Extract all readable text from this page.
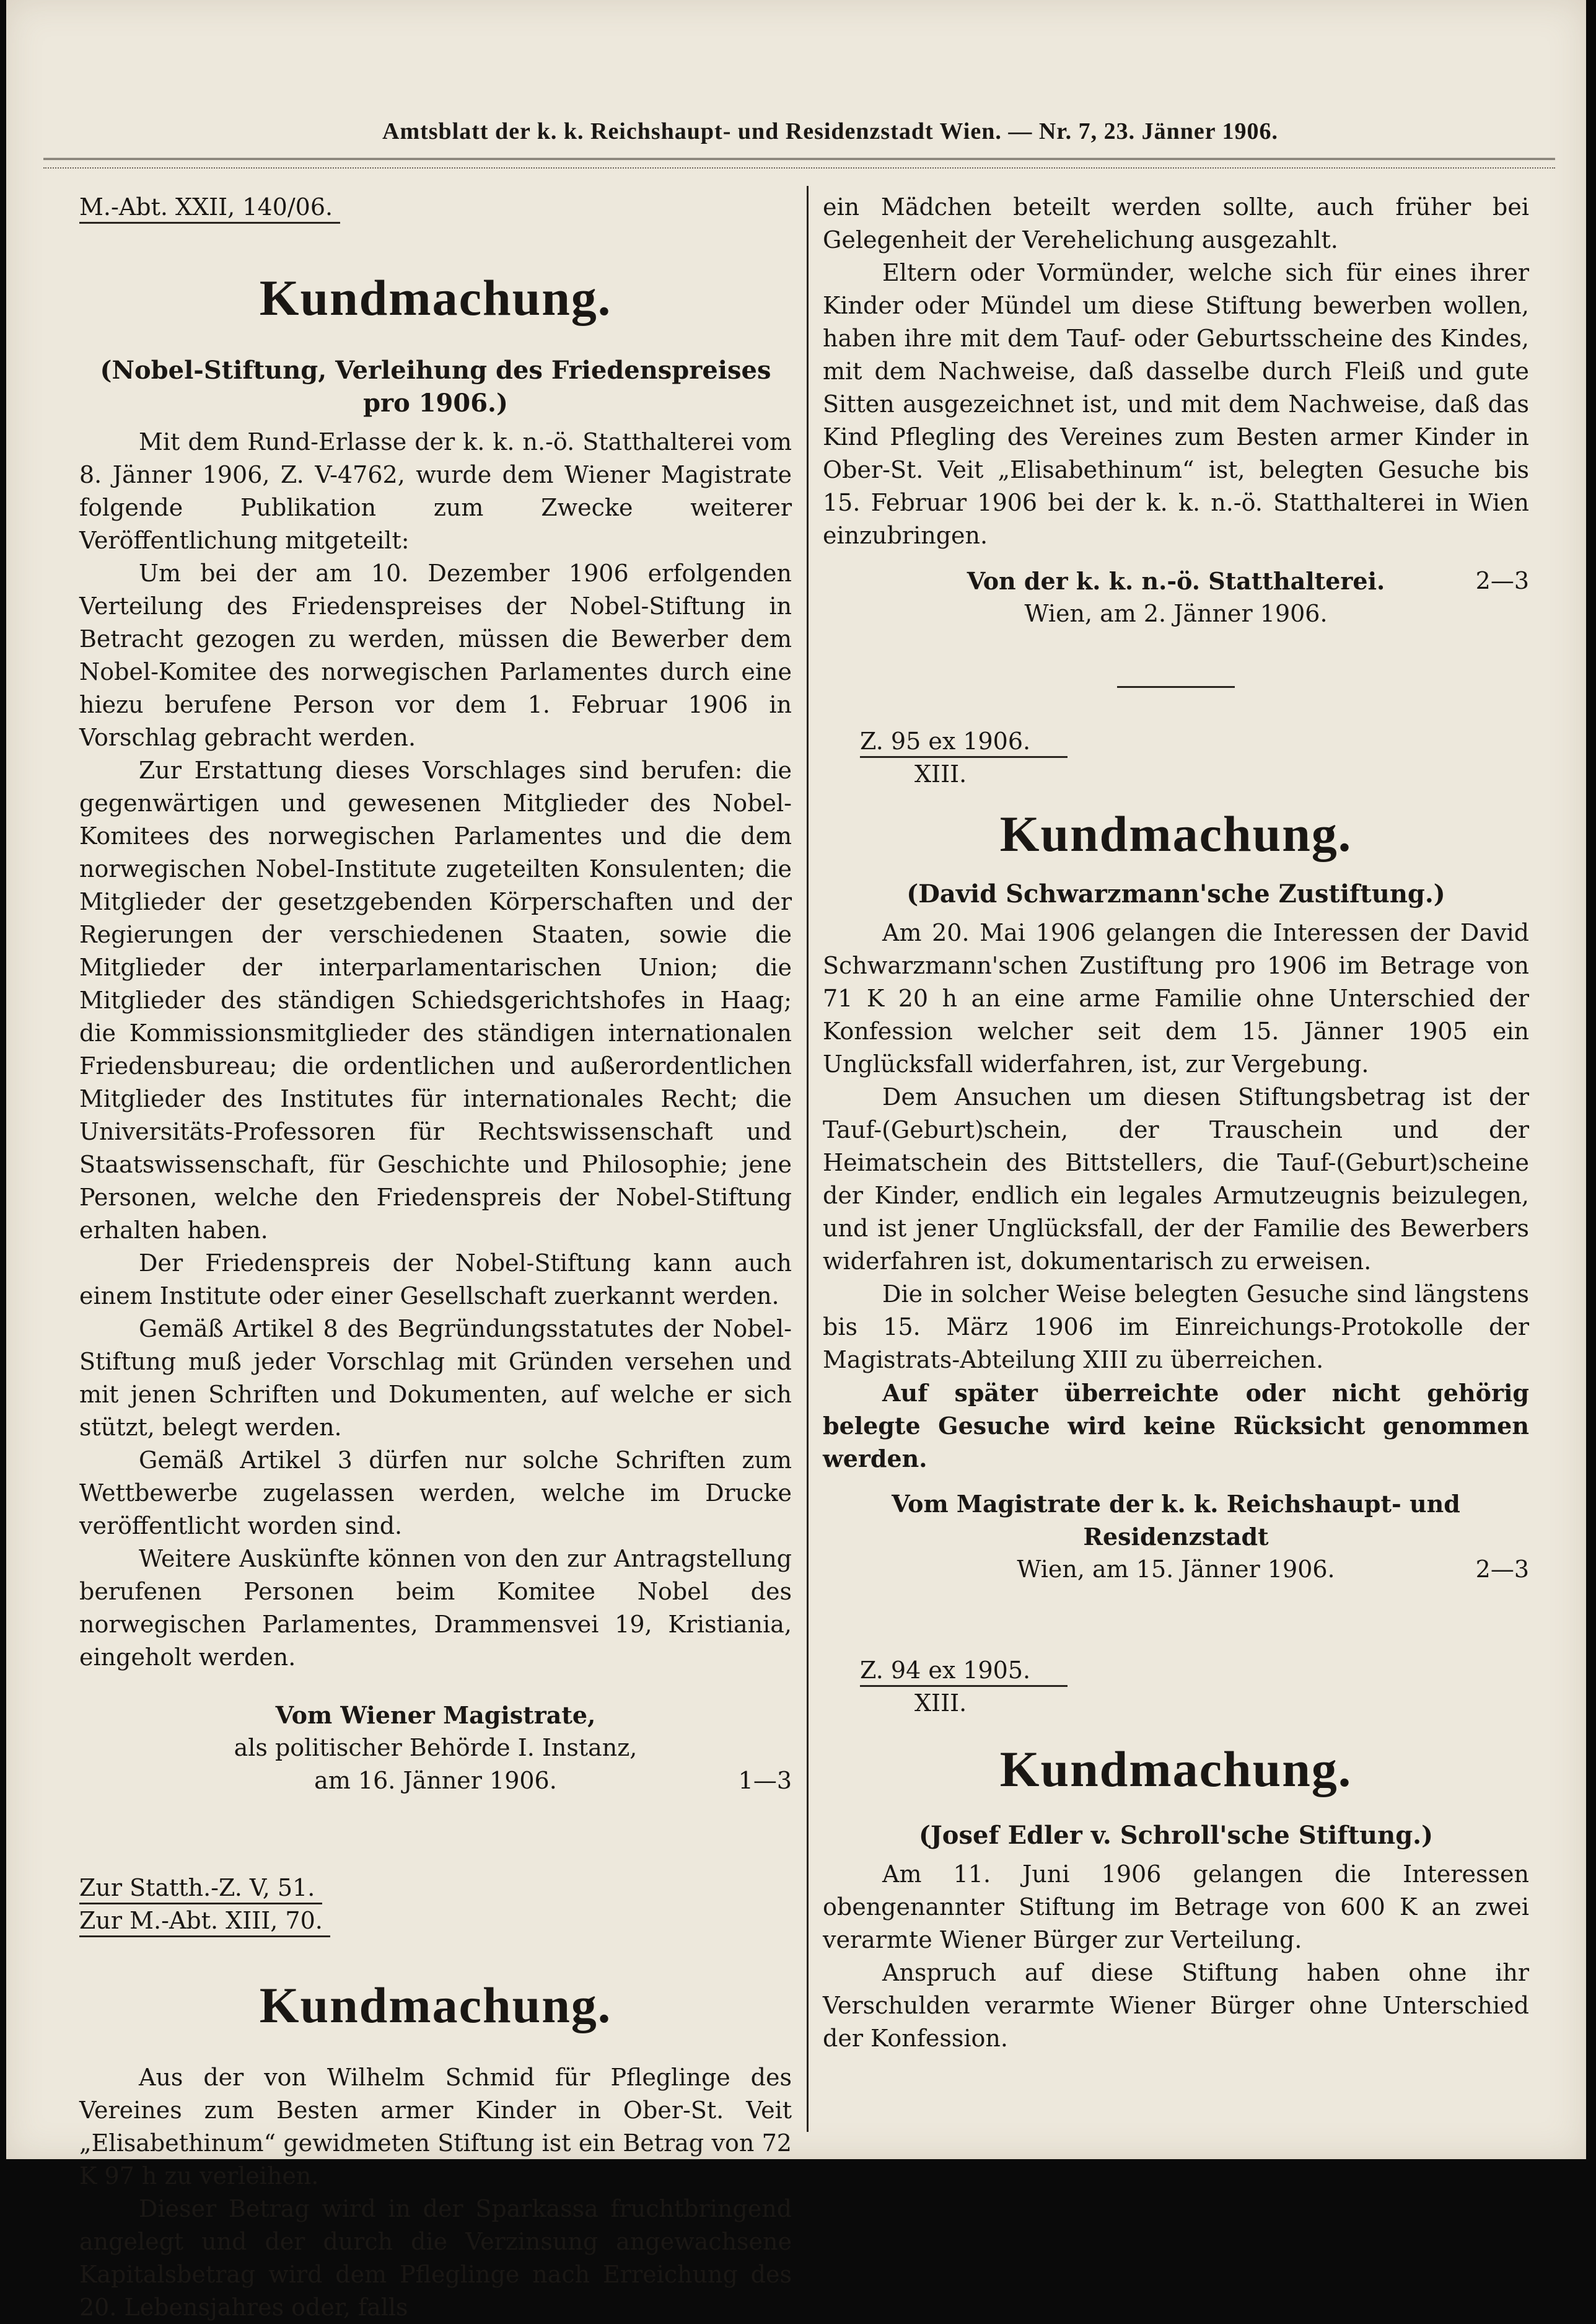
Amtsblatt der k. k. Reichshaupt- und Residenzstadt Wien. — Nr. 7, 23. Jänner 1906.

M.-Abt. XXII, 140/06.

Kundmachung.
(Nobel-Stiftung, Verleihung des Friedenspreises pro 1906.)

Mit dem Rund-Erlasse der k. k. n.-ö. Statthalterei vom 8. Jänner 1906, Z. V-4762, wurde dem Wiener Magistrate folgende Publikation zum Zwecke weiterer Veröffentlichung mitgeteilt:

Um bei der am 10. Dezember 1906 erfolgenden Verteilung des Friedenspreises der Nobel-Stiftung in Betracht gezogen zu werden, müssen die Bewerber dem Nobel-Komitee des norwegischen Parlamentes durch eine hiezu berufene Person vor dem 1. Februar 1906 in Vorschlag gebracht werden.

Zur Erstattung dieses Vorschlages sind berufen: die gegenwärtigen und gewesenen Mitglieder des Nobel-Komitees des norwegischen Parlamentes und die dem norwegischen Nobel-Institute zugeteilten Konsulenten; die Mitglieder der gesetzgebenden Körperschaften und der Regierungen der verschiedenen Staaten, sowie die Mitglieder der interparlamentarischen Union; die Mitglieder des ständigen Schiedsgerichtshofes in Haag; die Kommissionsmitglieder des ständigen internationalen Friedensbureau; die ordentlichen und außerordentlichen Mitglieder des Institutes für internationales Recht; die Universitäts-Professoren für Rechtswissenschaft und Staatswissenschaft, für Geschichte und Philosophie; jene Personen, welche den Friedenspreis der Nobel-Stiftung erhalten haben.

Der Friedenspreis der Nobel-Stiftung kann auch einem Institute oder einer Gesellschaft zuerkannt werden.

Gemäß Artikel 8 des Begründungsstatutes der Nobel-Stiftung muß jeder Vorschlag mit Gründen versehen und mit jenen Schriften und Dokumenten, auf welche er sich stützt, belegt werden.

Gemäß Artikel 3 dürfen nur solche Schriften zum Wettbewerbe zugelassen werden, welche im Drucke veröffentlicht worden sind.

Weitere Auskünfte können von den zur Antragstellung berufenen Personen beim Komitee Nobel des norwegischen Parlamentes, Drammensvei 19, Kristiania, eingeholt werden.

Vom Wiener Magistrate,

als politischer Behörde I. Instanz,

am 16. Jänner 1906.	1—3

Zur Statth.-Z. V, 51.

Zur M.-Abt. XIII, 70.

Kundmachung.

Aus der von Wilhelm Schmid für Pfleglinge des Vereines zum Besten armer Kinder in Ober-St. Veit „Elisabethinum“ gewidmeten Stiftung ist ein Betrag von 72 K 97 h zu verleihen.

Dieser Betrag wird in der Sparkassa fruchtbringend angelegt und der durch die Verzinsung angewachsene Kapitalsbetrag wird dem Pfleglinge nach Erreichung des 20. Lebensjahres oder, falls

ein Mädchen beteilt werden sollte, auch früher bei Gelegenheit der Verehelichung ausgezahlt.

Eltern oder Vormünder, welche sich für eines ihrer Kinder oder Mündel um diese Stiftung bewerben wollen, haben ihre mit dem Tauf- oder Geburtsscheine des Kindes, mit dem Nachweise, daß dasselbe durch Fleiß und gute Sitten ausgezeichnet ist, und mit dem Nachweise, daß das Kind Pflegling des Vereines zum Besten armer Kinder in Ober-St. Veit „Elisabethinum“ ist, belegten Gesuche bis 15. Februar 1906 bei der k. k. n.-ö. Statthalterei in Wien einzubringen.

Von der k. k. n.-ö. Statthalterei.	2—3

Wien, am 2. Jänner 1906.

Z. 95 ex 1906.

XIII.

Kundmachung.
(David Schwarzmann'sche Zustiftung.)

Am 20. Mai 1906 gelangen die Interessen der David Schwarzmann'schen Zustiftung pro 1906 im Betrage von 71 K 20 h an eine arme Familie ohne Unterschied der Konfession welcher seit dem 15. Jänner 1905 ein Unglücksfall widerfahren, ist, zur Vergebung.

Dem Ansuchen um diesen Stiftungsbetrag ist der Tauf-(Geburt)schein, der Trauschein und der Heimatschein des Bittstellers, die Tauf-(Geburt)scheine der Kinder, endlich ein legales Armutzeugnis beizulegen, und ist jener Unglücksfall, der der Familie des Bewerbers widerfahren ist, dokumentarisch zu erweisen.

Die in solcher Weise belegten Gesuche sind längstens bis 15. März 1906 im Einreichungs-Protokolle der Magistrats-Abteilung XIII zu überreichen.

Auf später überreichte oder nicht gehörig belegte Gesuche wird keine Rücksicht genommen werden.

Vom Magistrate der k. k. Reichshaupt- und Residenzstadt

Wien, am 15. Jänner 1906.	2—3

Z. 94 ex 1905.

XIII.

Kundmachung.
(Josef Edler v. Schroll'sche Stiftung.)

Am 11. Juni 1906 gelangen die Interessen obengenannter Stiftung im Betrage von 600 K an zwei verarmte Wiener Bürger zur Verteilung.

Anspruch auf diese Stiftung haben ohne ihr Verschulden verarmte Wiener Bürger ohne Unterschied der Konfession.
